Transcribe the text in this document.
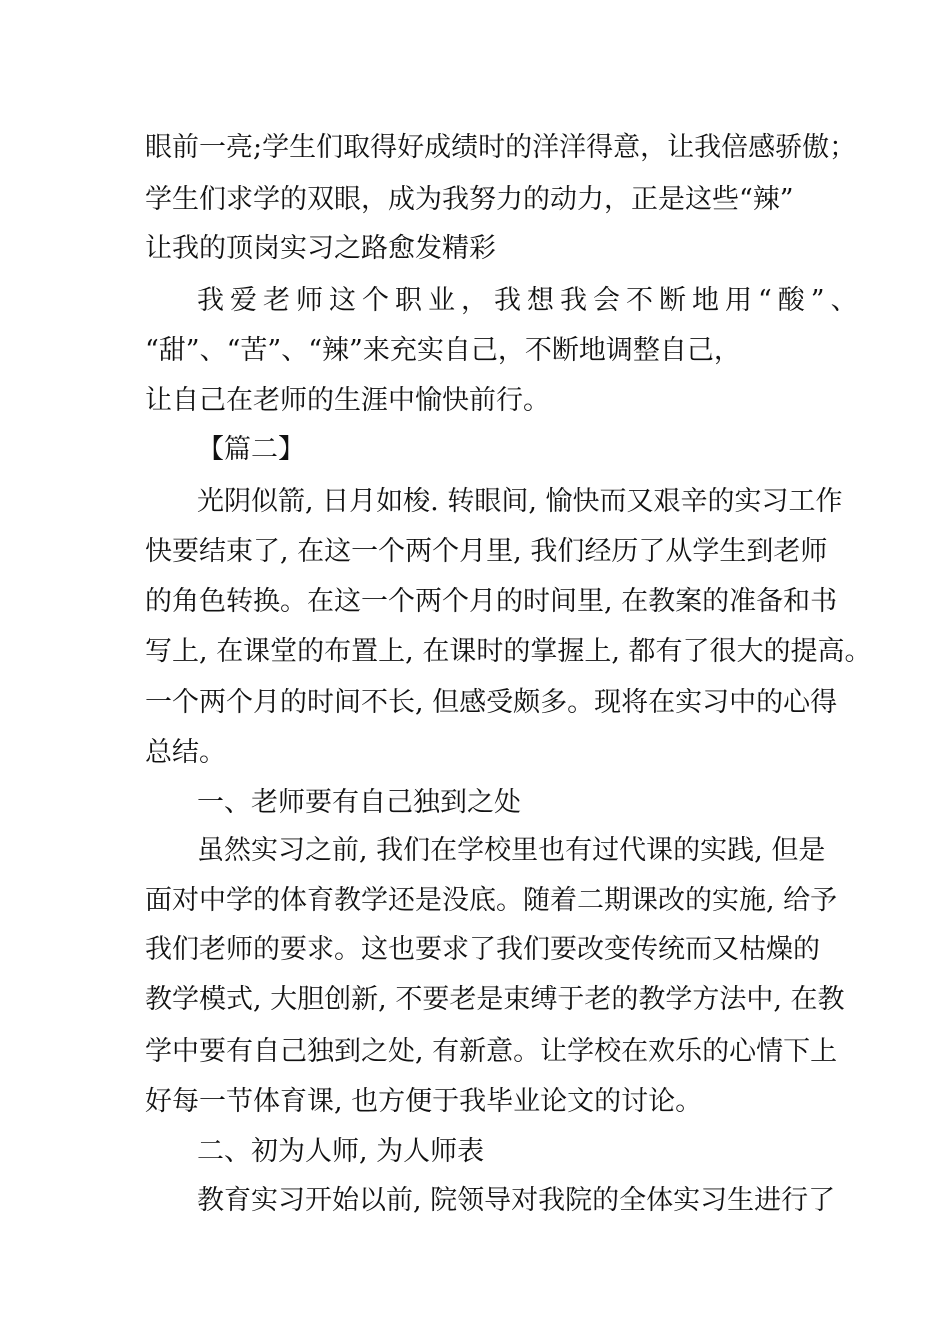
眼前一亮;学生们取得好成绩时的洋洋得意，让我倍感骄傲；
学生们求学的双眼，成为我努力的动力，正是这些“辣”
让我的顶岗实习之路愈发精彩
我爱老师这个职业，我想我会不断地用“酸”、
“甜”、“苦”、“辣”来充实自己，不断地调整自己，
让自己在老师的生涯中愉快前行。
【篇二】
光阴似箭, 日月如梭. 转眼间, 愉快而又艰辛的实习工作
快要结束了, 在这一个两个月里, 我们经历了从学生到老师
的角色转换。在这一个两个月的时间里, 在教案的准备和书
写上, 在课堂的布置上, 在课时的掌握上, 都有了很大的提高。
一个两个月的时间不长, 但感受颇多。现将在实习中的心得
总结。
一、老师要有自己独到之处
虽然实习之前, 我们在学校里也有过代课的实践, 但是
面对中学的体育教学还是没底。随着二期课改的实施, 给予
我们老师的要求。这也要求了我们要改变传统而又枯燥的
教学模式, 大胆创新, 不要老是束缚于老的教学方法中, 在教
学中要有自己独到之处, 有新意。让学校在欢乐的心情下上
好每一节体育课, 也方便于我毕业论文的讨论。
二、初为人师, 为人师表
教育实习开始以前, 院领导对我院的全体实习生进行了
